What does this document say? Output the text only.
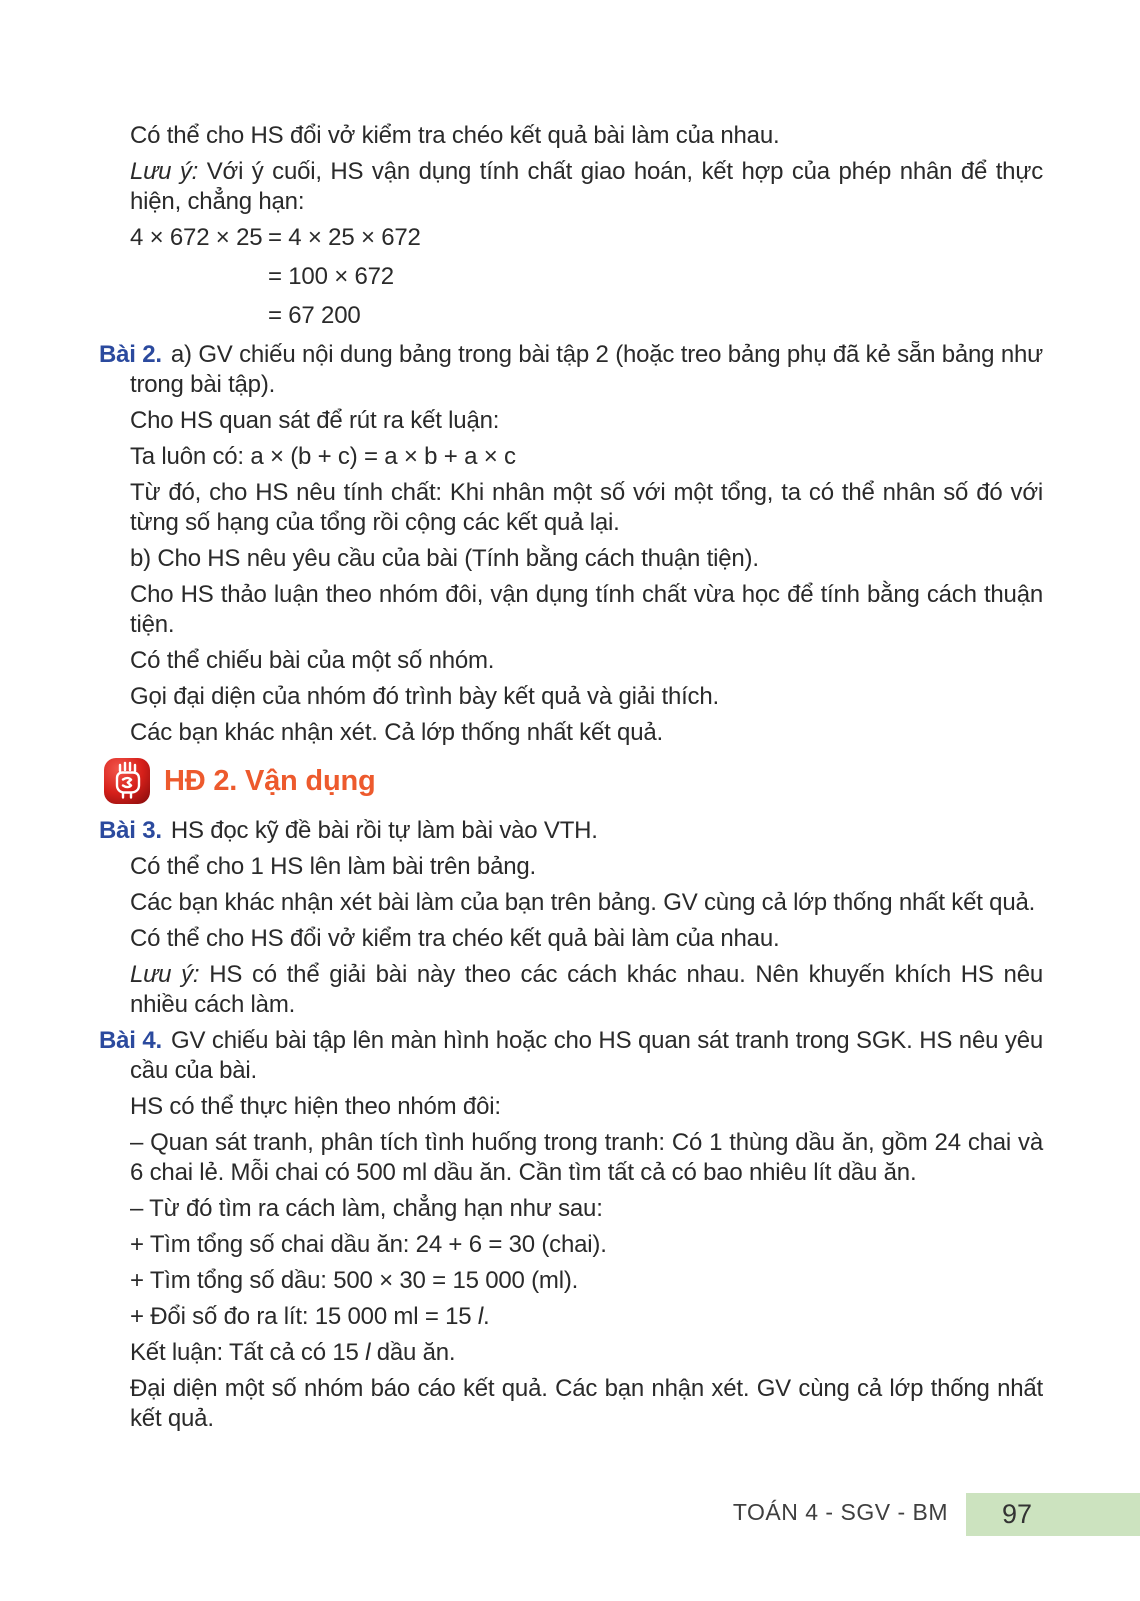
Có thể cho HS đổi vở kiểm tra chéo kết quả bài làm của nhau.

Lưu ý: Với ý cuối, HS vận dụng tính chất giao hoán, kết hợp của phép nhân để thực hiện, chẳng hạn:

4 × 672 × 25 = 4 × 25 × 672
= 100 × 672
= 67 200

Bài 2. a) GV chiếu nội dung bảng trong bài tập 2 (hoặc treo bảng phụ đã kẻ sẵn bảng như trong bài tập).

Cho HS quan sát để rút ra kết luận:

Ta luôn có: a × (b + c) = a × b + a × c

Từ đó, cho HS nêu tính chất: Khi nhân một số với một tổng, ta có thể nhân số đó với từng số hạng của tổng rồi cộng các kết quả lại.

b) Cho HS nêu yêu cầu của bài (Tính bằng cách thuận tiện).

Cho HS thảo luận theo nhóm đôi, vận dụng tính chất vừa học để tính bằng cách thuận tiện.

Có thể chiếu bài của một số nhóm.

Gọi đại diện của nhóm đó trình bày kết quả và giải thích.

Các bạn khác nhận xét. Cả lớp thống nhất kết quả.

HĐ 2. Vận dụng

Bài 3. HS đọc kỹ đề bài rồi tự làm bài vào VTH.

Có thể cho 1 HS lên làm bài trên bảng.

Các bạn khác nhận xét bài làm của bạn trên bảng. GV cùng cả lớp thống nhất kết quả.

Có thể cho HS đổi vở kiểm tra chéo kết quả bài làm của nhau.

Lưu ý: HS có thể giải bài này theo các cách khác nhau. Nên khuyến khích HS nêu nhiều cách làm.

Bài 4. GV chiếu bài tập lên màn hình hoặc cho HS quan sát tranh trong SGK. HS nêu yêu cầu của bài.

HS có thể thực hiện theo nhóm đôi:

– Quan sát tranh, phân tích tình huống trong tranh: Có 1 thùng dầu ăn, gồm 24 chai và 6 chai lẻ. Mỗi chai có 500 ml dầu ăn. Cần tìm tất cả có bao nhiêu lít dầu ăn.

– Từ đó tìm ra cách làm, chẳng hạn như sau:

+ Tìm tổng số chai dầu ăn: 24 + 6 = 30 (chai).

+ Tìm tổng số dầu: 500 × 30 = 15 000 (ml).

+ Đổi số đo ra lít: 15 000 ml = 15 l.

Kết luận: Tất cả có 15 l dầu ăn.

Đại diện một số nhóm báo cáo kết quả. Các bạn nhận xét. GV cùng cả lớp thống nhất kết quả.

TOÁN 4 - SGV - BM	97
